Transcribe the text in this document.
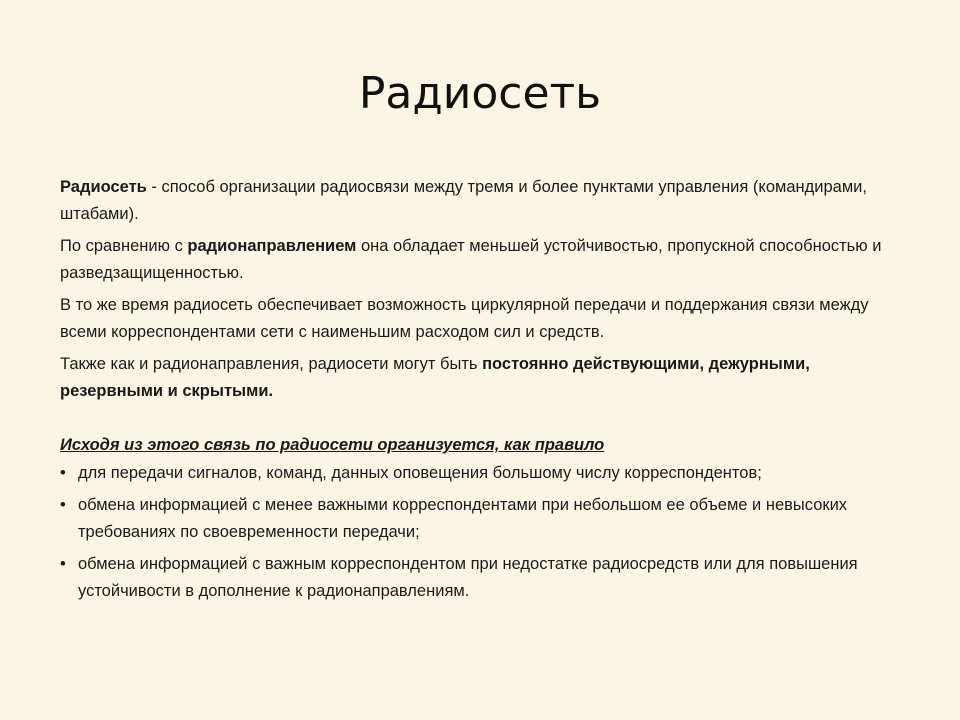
Радиосеть

Радиосеть - способ организации радиосвязи между тремя и более пунктами управления (командирами, штабами).

По сравнению с радионаправлением она обладает меньшей устойчивостью, пропускной способностью и разведзащищенностью.

В то же время радиосеть обеспечивает возможность циркулярной передачи и поддержания связи между всеми корреспондентами сети с наименьшим расходом сил и средств.

Также как и радионаправления, радиосети могут быть постоянно действующими, дежурными, резервными и скрытыми.

Исходя из этого связь по радиосети организуется, как правило

• для передачи сигналов, команд, данных оповещения большому числу корреспондентов;
• обмена информацией с менее важными корреспондентами при небольшом ее объеме и невысоких требованиях по своевременности передачи;
• обмена информацией с важным корреспондентом при недостатке радиосредств или для повышения устойчивости в дополнение к радионаправлениям.
